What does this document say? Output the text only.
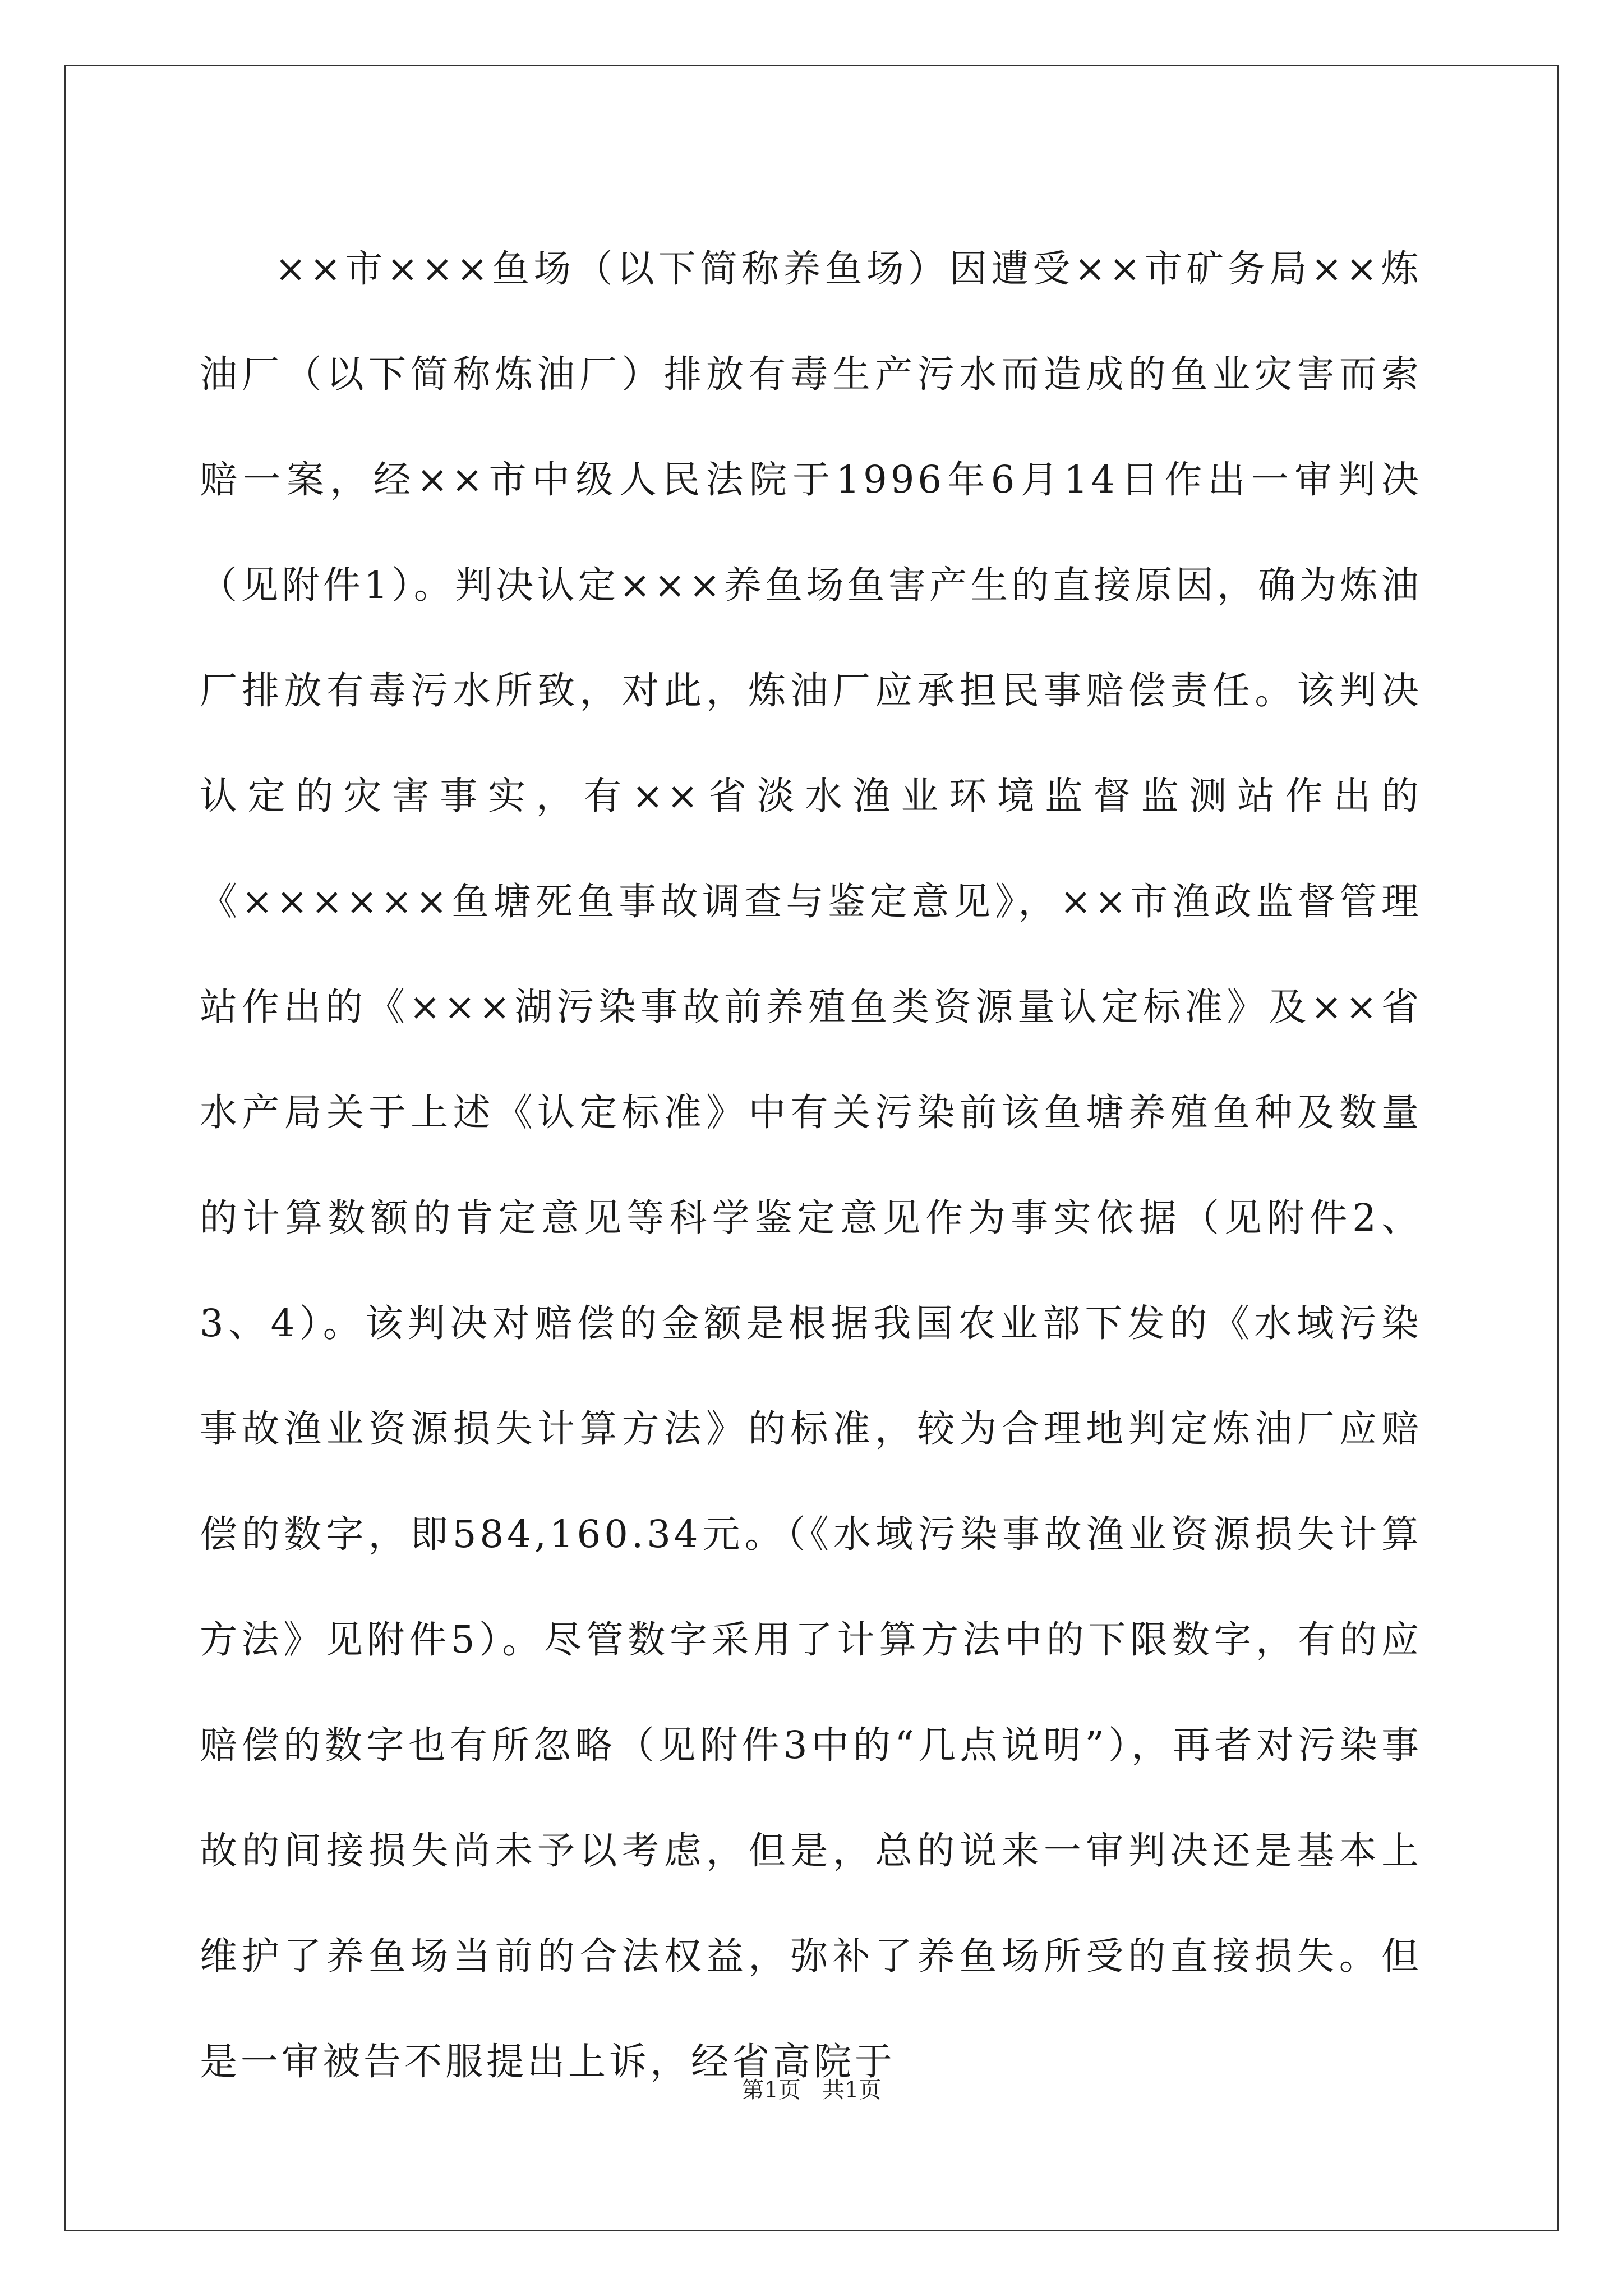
××市×××鱼场（以下简称养鱼场）因遭受××市矿务局××炼油厂（以下简称炼油厂）排放有毒生产污水而造成的鱼业灾害而索赔一案，经××市中级人民法院于1996年6月14日作出一审判决（见附件1）。判决认定×××养鱼场鱼害产生的直接原因，确为炼油厂排放有毒污水所致，对此，炼油厂应承担民事赔偿责任。该判决认定的灾害事实，有××省淡水渔业环境监督监测站作出的《××××××鱼塘死鱼事故调查与鉴定意见》，××市渔政监督管理站作出的《×××湖污染事故前养殖鱼类资源量认定标准》及××省水产局关于上述《认定标准》中有关污染前该鱼塘养殖鱼种及数量的计算数额的肯定意见等科学鉴定意见作为事实依据（见附件2、3、4）。该判决对赔偿的金额是根据我国农业部下发的《水域污染事故渔业资源损失计算方法》的标准，较为合理地判定炼油厂应赔偿的数字，即584,160.34元。（《水域污染事故渔业资源损失计算方法》见附件5）。尽管数字采用了计算方法中的下限数字，有的应赔偿的数字也有所忽略（见附件3中的“几点说明”），再者对污染事故的间接损失尚未予以考虑，但是，总的说来一审判决还是基本上维护了养鱼场当前的合法权益，弥补了养鱼场所受的直接损失。但是一审被告不服提出上诉，经省高院于

第1页   共1页
